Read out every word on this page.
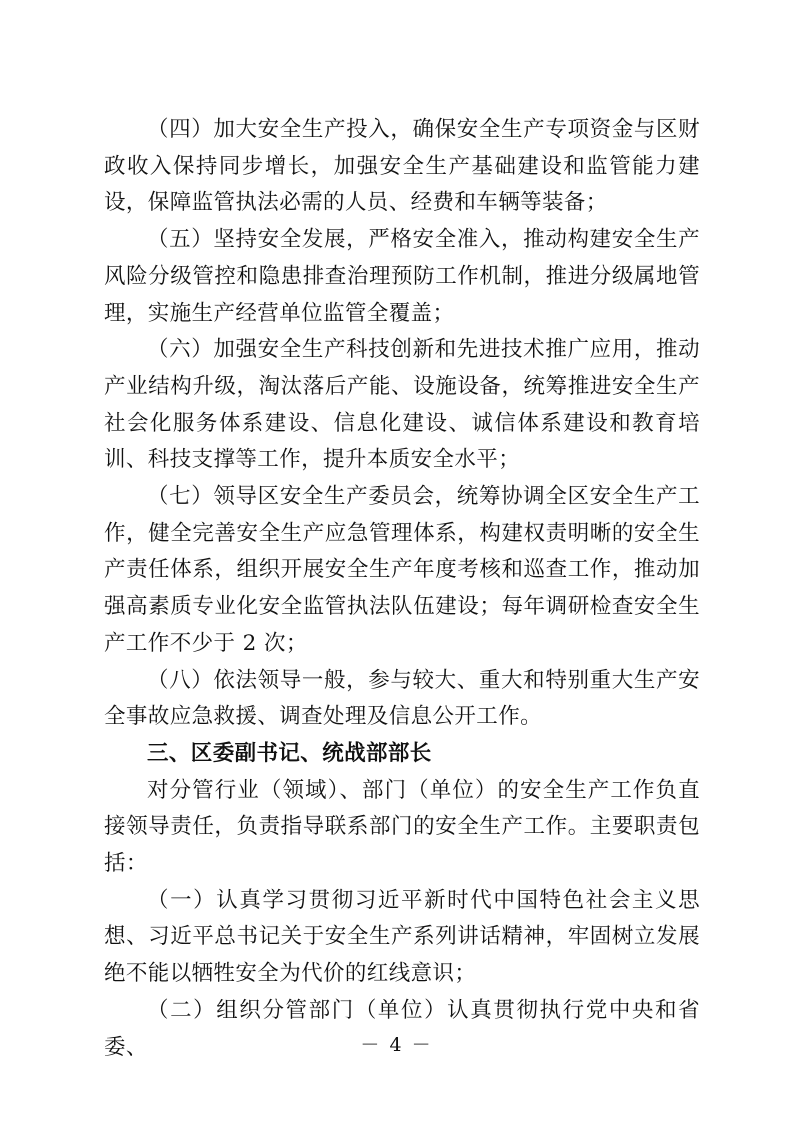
（四）加大安全生产投入，确保安全生产专项资金与区财政收入保持同步增长，加强安全生产基础建设和监管能力建设，保障监管执法必需的人员、经费和车辆等装备；

（五）坚持安全发展，严格安全准入，推动构建安全生产风险分级管控和隐患排查治理预防工作机制，推进分级属地管理，实施生产经营单位监管全覆盖；

（六）加强安全生产科技创新和先进技术推广应用，推动产业结构升级，淘汰落后产能、设施设备，统筹推进安全生产社会化服务体系建设、信息化建设、诚信体系建设和教育培训、科技支撑等工作，提升本质安全水平；

（七）领导区安全生产委员会，统筹协调全区安全生产工作，健全完善安全生产应急管理体系，构建权责明晰的安全生产责任体系，组织开展安全生产年度考核和巡查工作，推动加强高素质专业化安全监管执法队伍建设；每年调研检查安全生产工作不少于 2 次；

（八）依法领导一般，参与较大、重大和特别重大生产安全事故应急救援、调查处理及信息公开工作。

三、区委副书记、统战部部长

对分管行业（领域）、部门（单位）的安全生产工作负直接领导责任，负责指导联系部门的安全生产工作。主要职责包括：

（一）认真学习贯彻习近平新时代中国特色社会主义思想、习近平总书记关于安全生产系列讲话精神，牢固树立发展绝不能以牺牲安全为代价的红线意识；

（二）组织分管部门（单位）认真贯彻执行党中央和省委、	－ 4 －
